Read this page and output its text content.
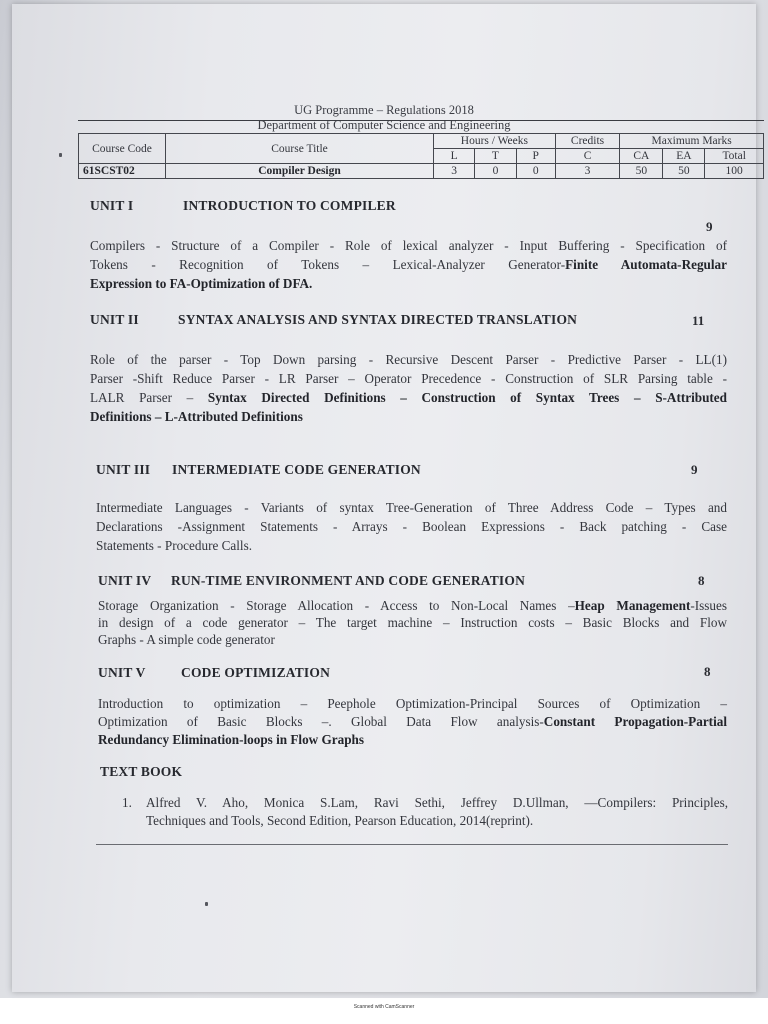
UG Programme – Regulations 2018
Department of Computer Science and Engineering
Course Code	Course Title	Hours / Weeks			Credits	Maximum Marks		
		L	T	P	C	CA	EA	Total
61SCST02	Compiler Design	3	0	0	3	50	50	100
UNIT I	INTRODUCTION TO COMPILER
9
Compilers - Structure of a Compiler - Role of lexical analyzer - Input Buffering - Specification of
Tokens - Recognition of Tokens – Lexical-Analyzer Generator-Finite Automata-Regular
Expression to FA-Optimization of DFA.
UNIT II	SYNTAX ANALYSIS AND SYNTAX DIRECTED TRANSLATION	11
Role of the parser - Top Down parsing - Recursive Descent Parser - Predictive Parser - LL(1)
Parser -Shift Reduce Parser - LR Parser – Operator Precedence - Construction of SLR Parsing table -
LALR Parser – Syntax Directed Definitions – Construction of Syntax Trees – S-Attributed
Definitions – L-Attributed Definitions
UNIT III INTERMEDIATE CODE GENERATION	9
Intermediate Languages - Variants of syntax Tree-Generation of Three Address Code – Types and
Declarations -Assignment Statements - Arrays - Boolean Expressions - Back patching - Case
Statements - Procedure Calls.
UNIT IV RUN-TIME ENVIRONMENT AND CODE GENERATION	8
Storage Organization - Storage Allocation - Access to Non-Local Names –Heap Management-Issues
in design of a code generator – The target machine – Instruction costs – Basic Blocks and Flow
Graphs - A simple code generator
UNIT V	CODE OPTIMIZATION	8
Introduction to optimization – Peephole Optimization-Principal Sources of Optimization –
Optimization of Basic Blocks –. Global Data Flow analysis-Constant Propagation-Partial
Redundancy Elimination-loops in Flow Graphs
TEXT BOOK
1. Alfred V. Aho, Monica S.Lam, Ravi Sethi, Jeffrey D.Ullman, —Compilers: Principles,
Techniques and Tools, Second Edition, Pearson Education, 2014(reprint).
Scanned with CamScanner
